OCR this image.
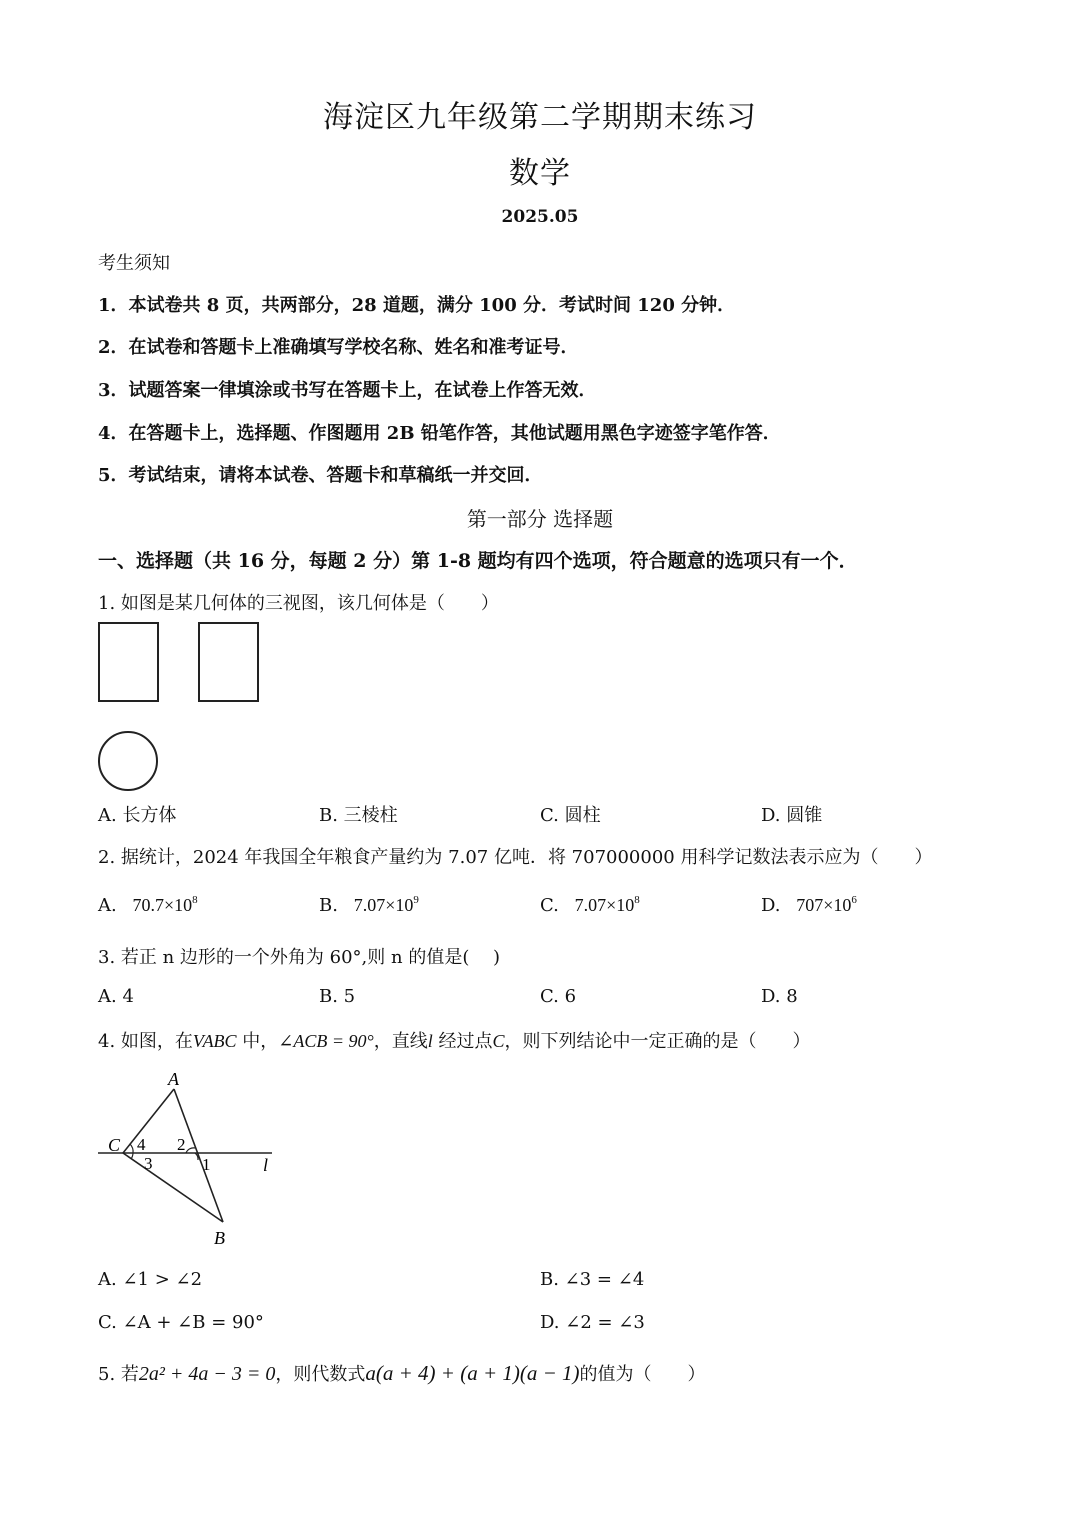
海淀区九年级第二学期期末练习
数学
2025.05
考生须知
1．本试卷共 8 页，共两部分，28 道题，满分 100 分．考试时间 120 分钟．
2．在试卷和答题卡上准确填写学校名称、姓名和准考证号．
3．试题答案一律填涂或书写在答题卡上，在试卷上作答无效．
4．在答题卡上，选择题、作图题用 2B 铅笔作答，其他试题用黑色字迹签字笔作答．
5．考试结束，请将本试卷、答题卡和草稿纸一并交回．
第一部分 选择题
一、选择题（共 16 分，每题 2 分）第 1-8 题均有四个选项，符合题意的选项只有一个．
1. 如图是某几何体的三视图，该几何体是（　　）
A. 长方体	B. 三棱柱	C. 圆柱	D. 圆锥
2. 据统计，2024 年我国全年粮食产量约为 7.07 亿吨．将 707000000 用科学记数法表示应为（　　）
A. $70.7\times 10^8$	B. $7.07\times 10^9$	C. $7.07\times 10^8$	D. $707\times 10^6$
3. 若正 n 边形的一个外角为 60°,则 n 的值是(　 )
A. 4	B. 5	C. 6	D. 8
4. 如图，在VABC 中，∠ACB = 90°，直线l 经过点C，则下列结论中一定正确的是（　　）
A
B
C
l
4
3
2
1
A. ∠1 > ∠2	B. ∠3 = ∠4
C. ∠A + ∠B = 90°	D. ∠2 = ∠3
5. 若2a² + 4a − 3 = 0，则代数式a(a + 4) + (a + 1)(a − 1)的值为（　　）
